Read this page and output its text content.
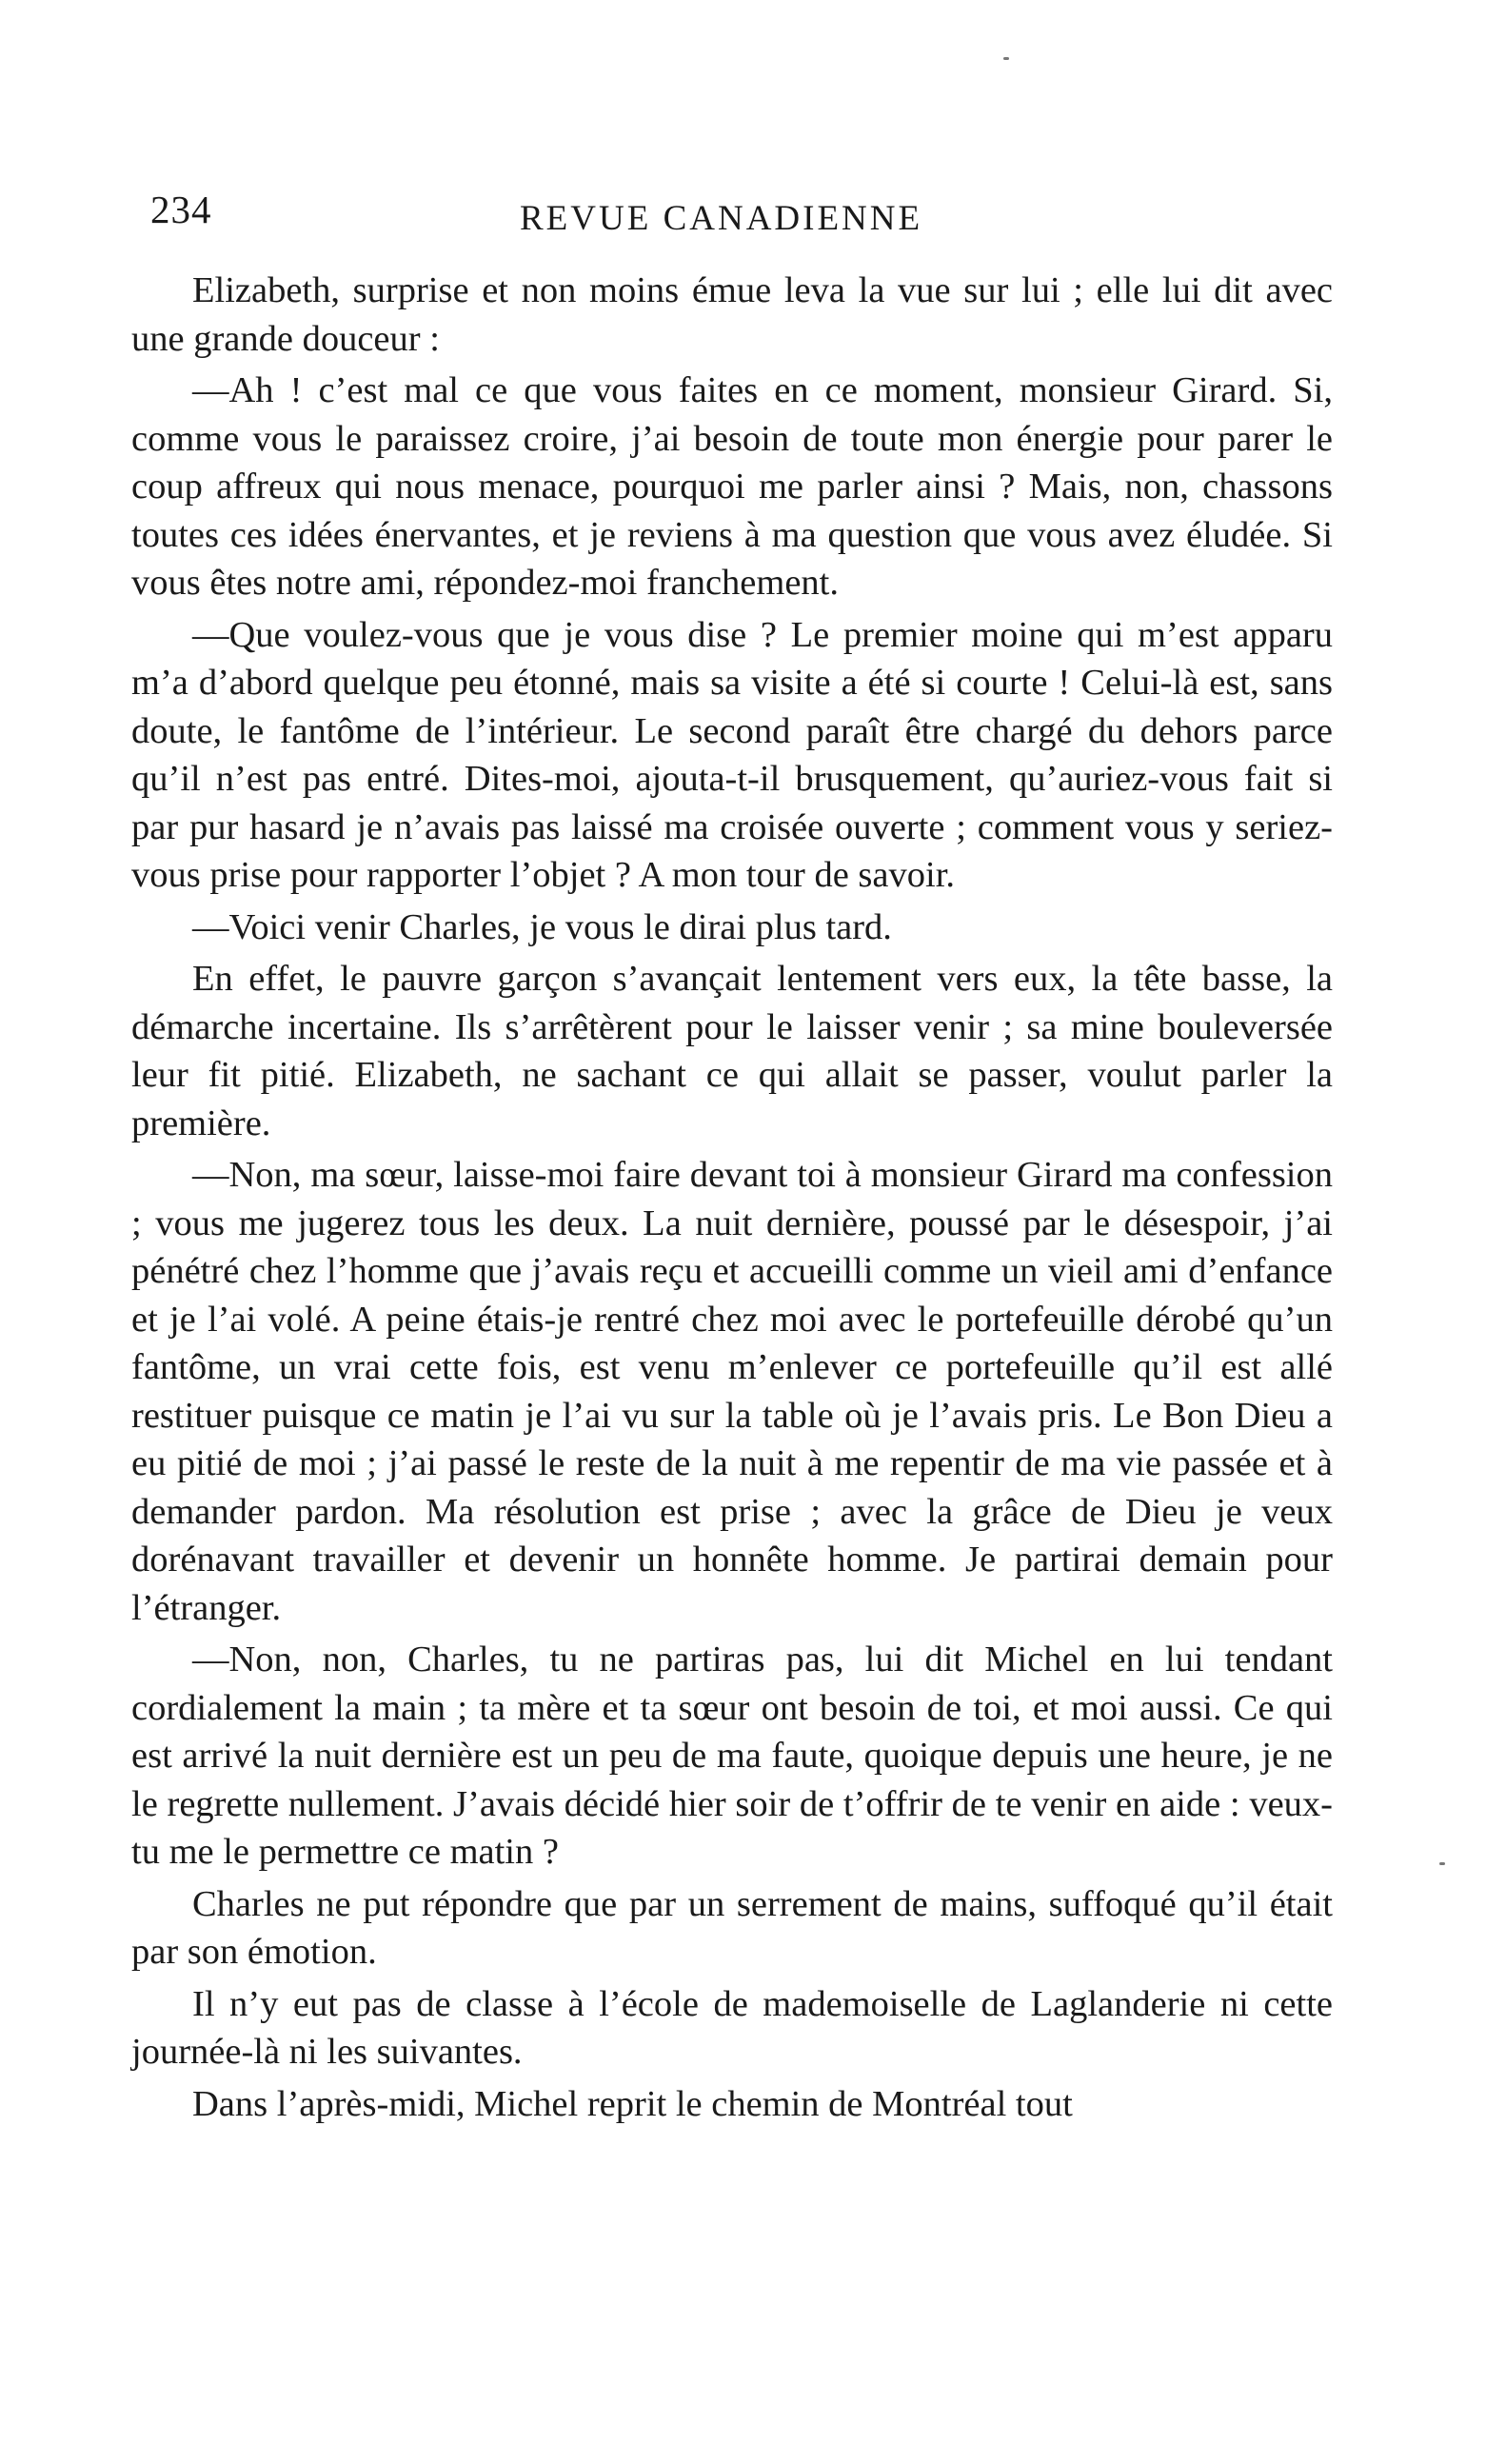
234	REVUE CANADIENNE

Elizabeth, surprise et non moins émue leva la vue sur lui ; elle lui dit avec une grande douceur :

—Ah ! c’est mal ce que vous faites en ce moment, monsieur Girard. Si, comme vous le paraissez croire, j’ai besoin de toute mon énergie pour parer le coup affreux qui nous menace, pourquoi me parler ainsi ? Mais, non, chassons toutes ces idées énervantes, et je reviens à ma question que vous avez éludée. Si vous êtes notre ami, répondez-moi franchement.

—Que voulez-vous que je vous dise ? Le premier moine qui m’est apparu m’a d’abord quelque peu étonné, mais sa visite a été si courte ! Celui-là est, sans doute, le fantôme de l’intérieur. Le second paraît être chargé du dehors parce qu’il n’est pas entré. Dites-moi, ajouta-t-il brusquement, qu’auriez-vous fait si par pur hasard je n’avais pas laissé ma croisée ouverte ; comment vous y seriez-vous prise pour rapporter l’objet ? A mon tour de savoir.

—Voici venir Charles, je vous le dirai plus tard.

En effet, le pauvre garçon s’avançait lentement vers eux, la tête basse, la démarche incertaine. Ils s’arrêtèrent pour le laisser venir ; sa mine bouleversée leur fit pitié. Elizabeth, ne sachant ce qui allait se passer, voulut parler la première.

—Non, ma sœur, laisse-moi faire devant toi à monsieur Girard ma confession ; vous me jugerez tous les deux. La nuit dernière, poussé par le désespoir, j’ai pénétré chez l’homme que j’avais reçu et accueilli comme un vieil ami d’enfance et je l’ai volé. A peine étais-je rentré chez moi avec le portefeuille dérobé qu’un fantôme, un vrai cette fois, est venu m’enlever ce portefeuille qu’il est allé restituer puisque ce matin je l’ai vu sur la table où je l’avais pris. Le Bon Dieu a eu pitié de moi ; j’ai passé le reste de la nuit à me repentir de ma vie passée et à demander pardon. Ma résolution est prise ; avec la grâce de Dieu je veux dorénavant travailler et devenir un honnête homme. Je partirai demain pour l’étranger.

—Non, non, Charles, tu ne partiras pas, lui dit Michel en lui tendant cordialement la main ; ta mère et ta sœur ont besoin de toi, et moi aussi. Ce qui est arrivé la nuit dernière est un peu de ma faute, quoique depuis une heure, je ne le regrette nullement. J’avais décidé hier soir de t’offrir de te venir en aide : veux-tu me le permettre ce matin ?

Charles ne put répondre que par un serrement de mains, suffoqué qu’il était par son émotion.

Il n’y eut pas de classe à l’école de mademoiselle de Laglanderie ni cette journée-là ni les suivantes.

Dans l’après-midi, Michel reprit le chemin de Montréal tout
